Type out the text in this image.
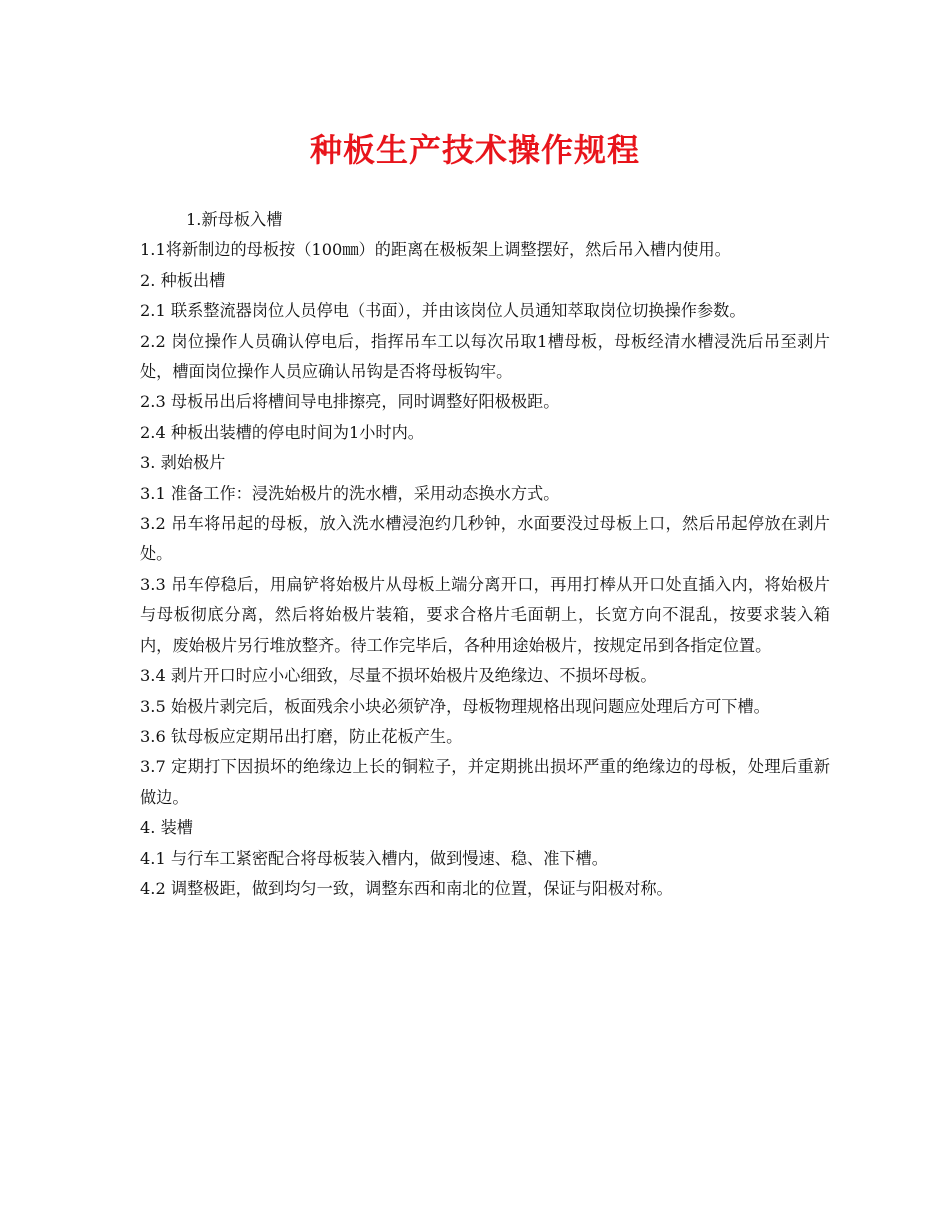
种板生产技术操作规程

1.新母板入槽

1.1将新制边的母板按（100㎜）的距离在极板架上调整摆好，然后吊入槽内使用。

2. 种板出槽

2.1 联系整流器岗位人员停电（书面），并由该岗位人员通知萃取岗位切换操作参数。

2.2 岗位操作人员确认停电后，指挥吊车工以每次吊取1槽母板，母板经清水槽浸洗后吊至剥片处，槽面岗位操作人员应确认吊钩是否将母板钩牢。

2.3 母板吊出后将槽间导电排擦亮，同时调整好阳极极距。

2.4 种板出装槽的停电时间为1小时内。

3. 剥始极片

3.1 准备工作：浸洗始极片的洗水槽，采用动态换水方式。

3.2 吊车将吊起的母板，放入洗水槽浸泡约几秒钟，水面要没过母板上口，然后吊起停放在剥片处。

3.3 吊车停稳后，用扁铲将始极片从母板上端分离开口，再用打棒从开口处直插入内，将始极片与母板彻底分离，然后将始极片装箱，要求合格片毛面朝上，长宽方向不混乱，按要求装入箱内，废始极片另行堆放整齐。待工作完毕后，各种用途始极片，按规定吊到各指定位置。

3.4 剥片开口时应小心细致，尽量不损坏始极片及绝缘边、不损坏母板。

3.5 始极片剥完后，板面残余小块必须铲净，母板物理规格出现问题应处理后方可下槽。

3.6 钛母板应定期吊出打磨，防止花板产生。

3.7 定期打下因损坏的绝缘边上长的铜粒子，并定期挑出损坏严重的绝缘边的母板，处理后重新做边。

4. 装槽

4.1 与行车工紧密配合将母板装入槽内，做到慢速、稳、准下槽。

4.2 调整极距，做到均匀一致，调整东西和南北的位置，保证与阳极对称。
